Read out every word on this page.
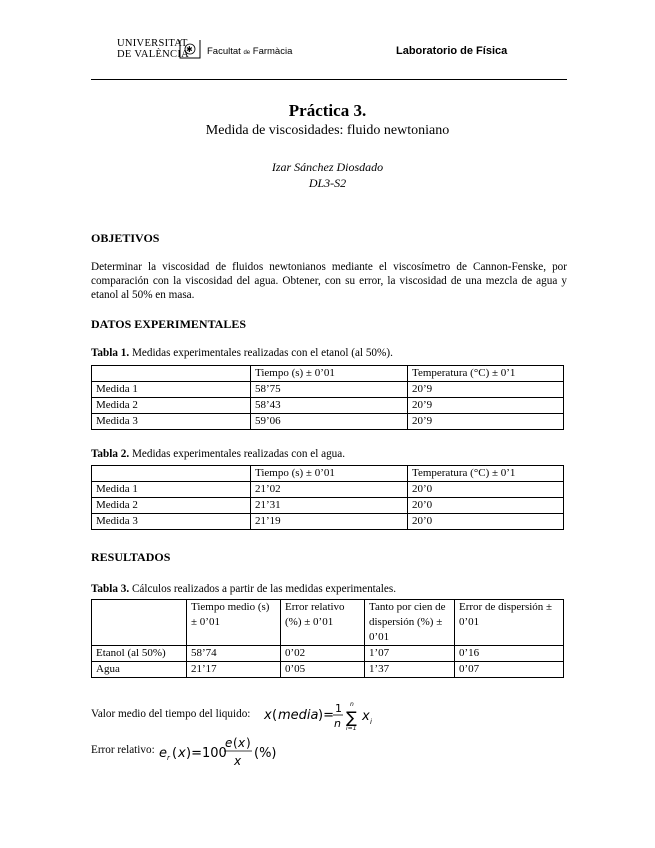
UNIVERSITAT
DE VALÈNCIA
✱ Facultat de Farmàcia	Laboratorio de Física
Práctica 3.
Medida de viscosidades: fluido newtoniano
Izar Sánchez Diosdado
DL3-S2
OBJETIVOS
Determinar la viscosidad de fluidos newtonianos mediante el viscosímetro de Cannon-Fenske, por comparación con la viscosidad del agua. Obtener, con su error, la viscosidad de una mezcla de agua y etanol al 50% en masa.
DATOS EXPERIMENTALES
Tabla 1. Medidas experimentales realizadas con el etanol (al 50%).
	Tiempo (s) ± 0’01	Temperatura (°C) ± 0’1
Medida 1	58’75	20’9
Medida 2	58’43	20’9
Medida 3	59’06	20’9
Tabla 2. Medidas experimentales realizadas con el agua.
	Tiempo (s) ± 0’01	Temperatura (°C) ± 0’1
Medida 1	21’02	20’0
Medida 2	21’31	20’0
Medida 3	21’19	20’0
RESULTADOS
Tabla 3. Cálculos realizados a partir de las medidas experimentales.
	Tiempo medio (s) ± 0’01	Error relativo (%) ± 0’01	Tanto por cien de dispersión (%) ± 0’01	Error de dispersión ± 0’01
Etanol (al 50%)	58’74	0’02	1’07	0’16
Agua	21’17	0’05	1’37	0’07
Valor medio del tiempo del liquido: x ( media )= 1
n ∑
n
i=1
x i
Error relativo: e r ( x )=100
e ( x )
x (%)
